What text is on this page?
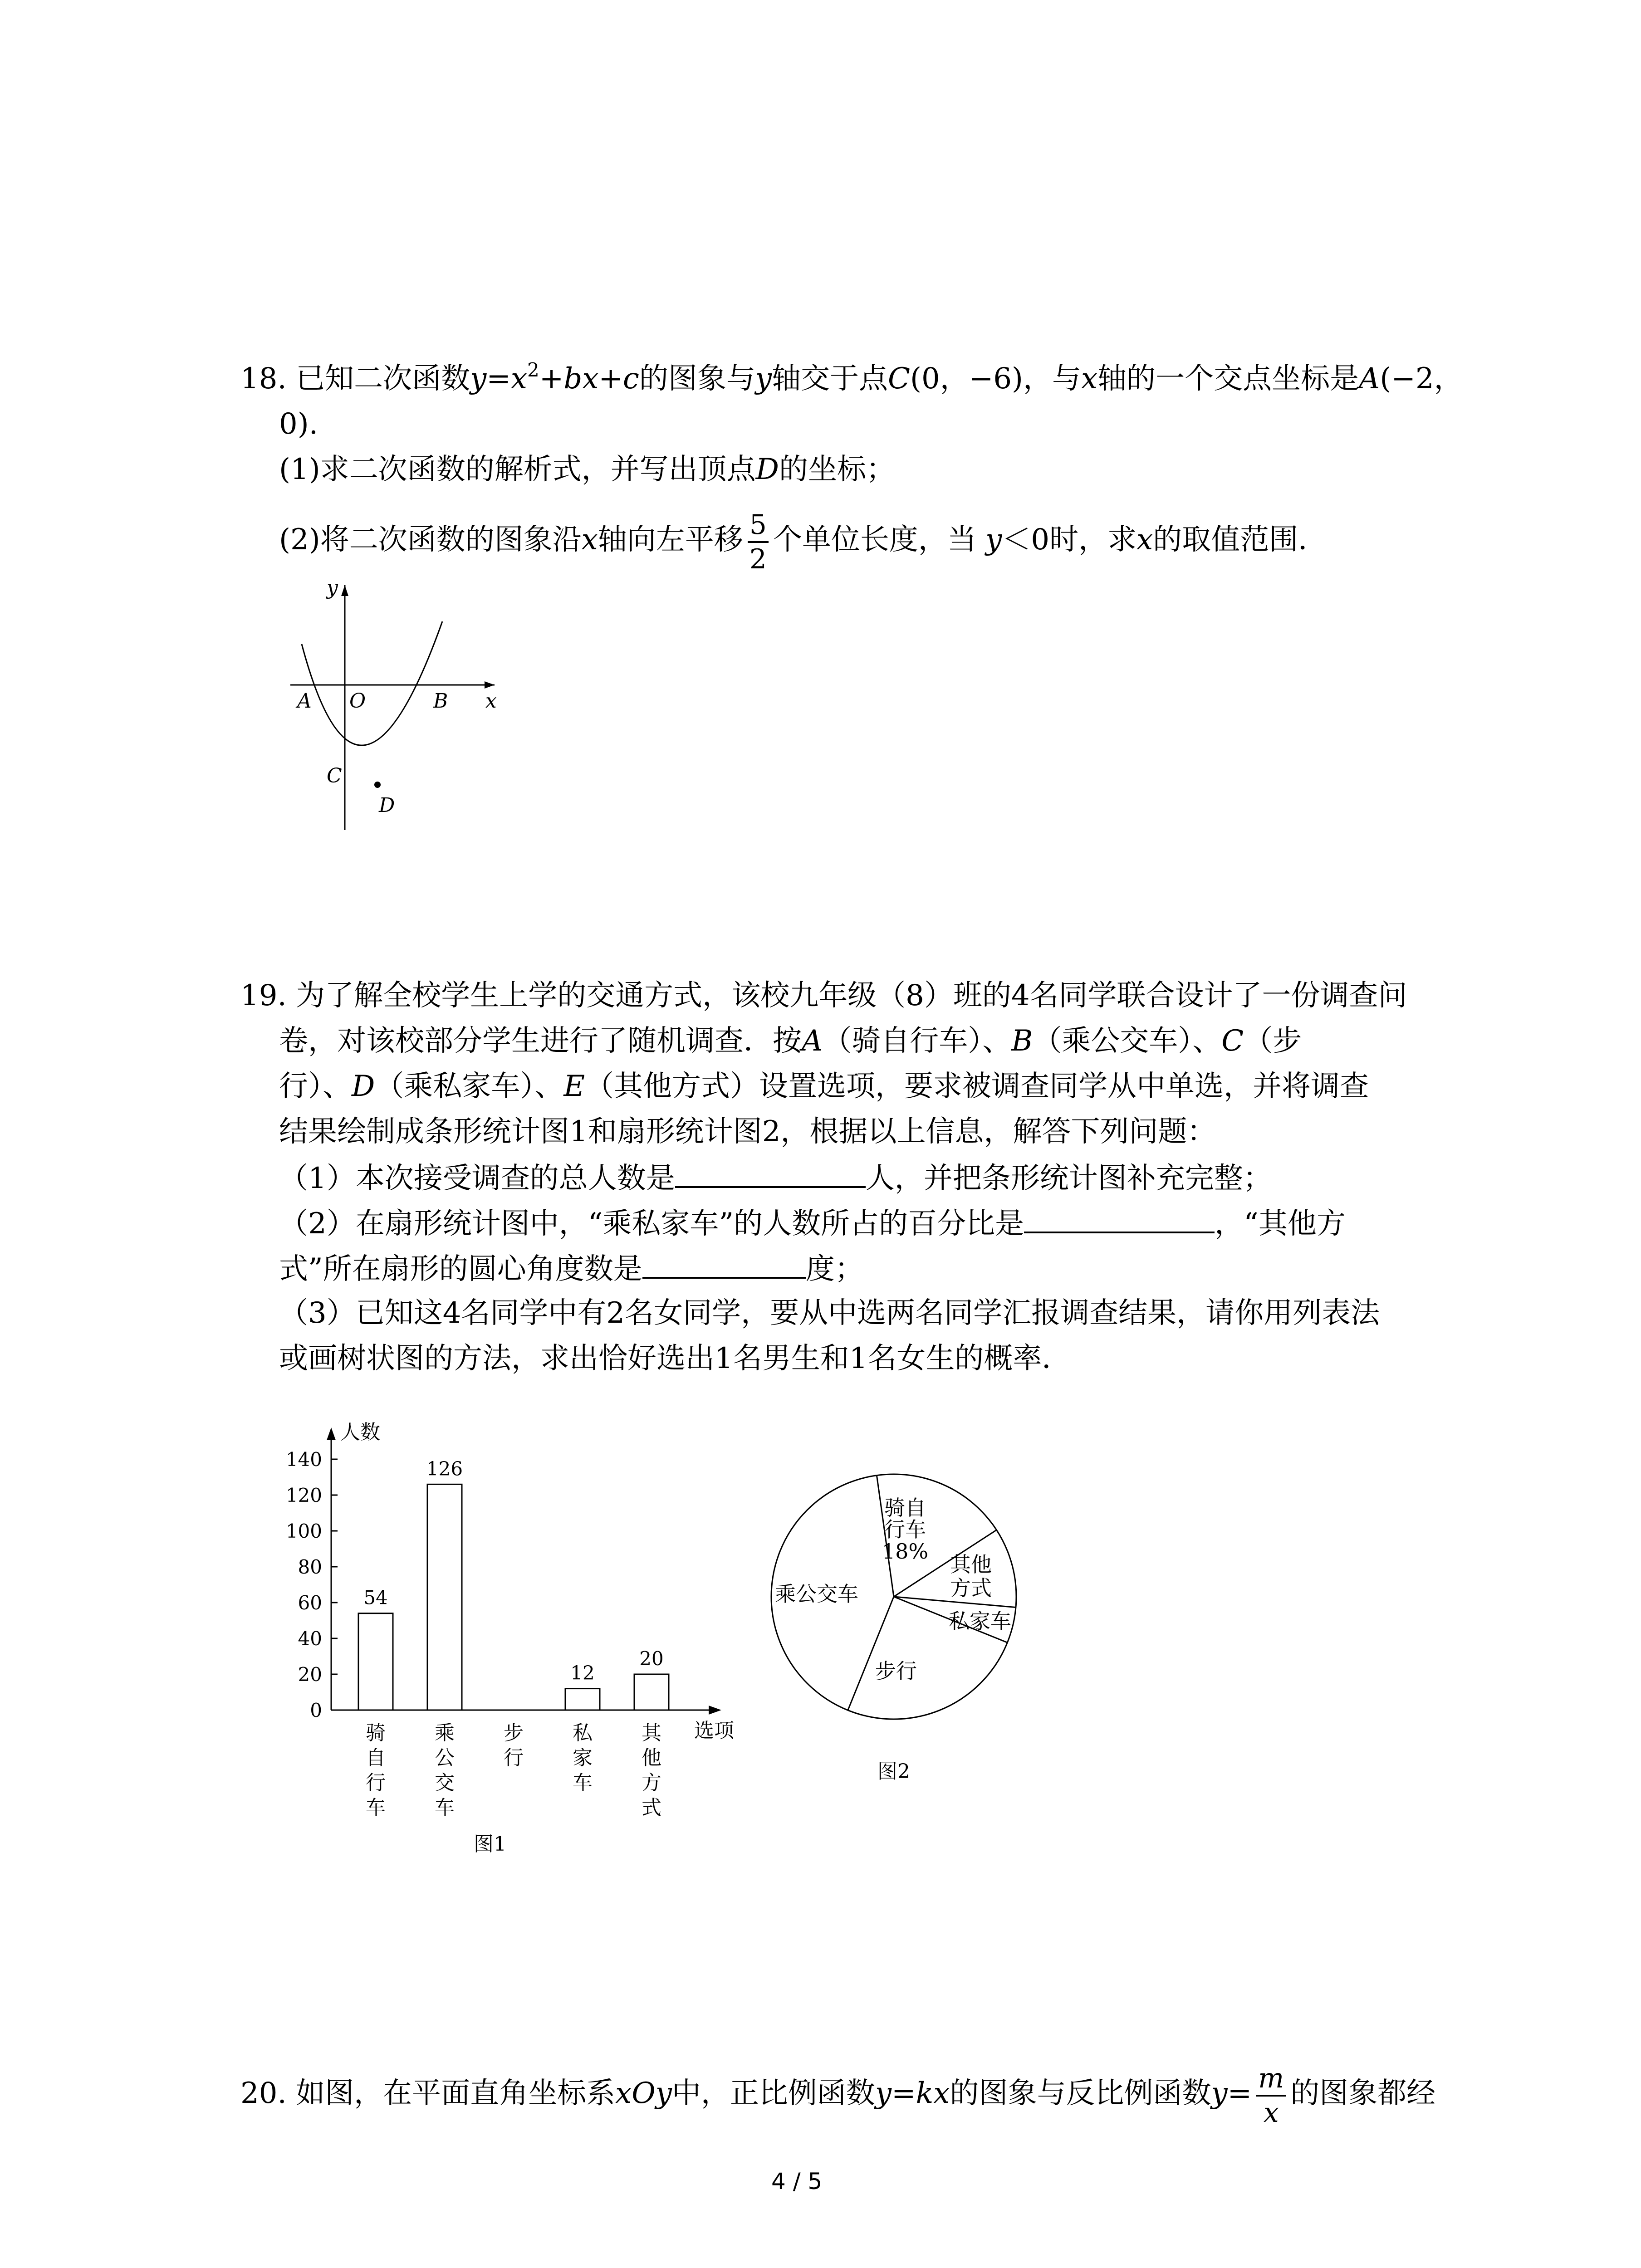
18. 已知二次函数$y=x^2+bx+c$的图象与y轴交于点C(0，−6)，与x轴的一个交点坐标是A(−2，
0).
(1)求二次函数的解析式，并写出顶点D的坐标；
(2)将二次函数的图象沿x轴向左平移 $\frac{5}{2}$ 个单位长度，当 y＜0时，求x的取值范围．
y
x
A O	B
C
D
19. 为了解全校学生上学的交通方式，该校九年级（8）班的4名同学联合设计了一份调查问
卷，对该校部分学生进行了随机调查．按A（骑自行车）、B（乘公交车）、C（步
行）、D（乘私家车）、E（其他方式）设置选项，要求被调查同学从中单选，并将调查
结果绘制成条形统计图1和扇形统计图2，根据以上信息，解答下列问题：
（1）本次接受调查的总人数是	人，并把条形统计图补充完整；
（2）在扇形统计图中，“乘私家车”的人数所占的百分比是	，“其他方
式”所在扇形的圆心角度数是	度；
（3）已知这4名同学中有2名女同学，要从中选两名同学汇报调查结果，请你用列表法
或画树状图的方法，求出恰好选出1名男生和1名女生的概率．
人数
选项
0
20
40
60
80
100
120
140
54
骑
自
行
车
126
乘
公
交
车
步
行
12
私
家
车
20
其
他
方
式
图1
骑自
行车
18%
其他
方式
私家车
步行
乘公交车
图2
20. 如图，在平面直角坐标系xOy中，正比例函数y=kx的图象与反比例函数$y= \frac{m}{x}$ 的图象都经
4 / 5
